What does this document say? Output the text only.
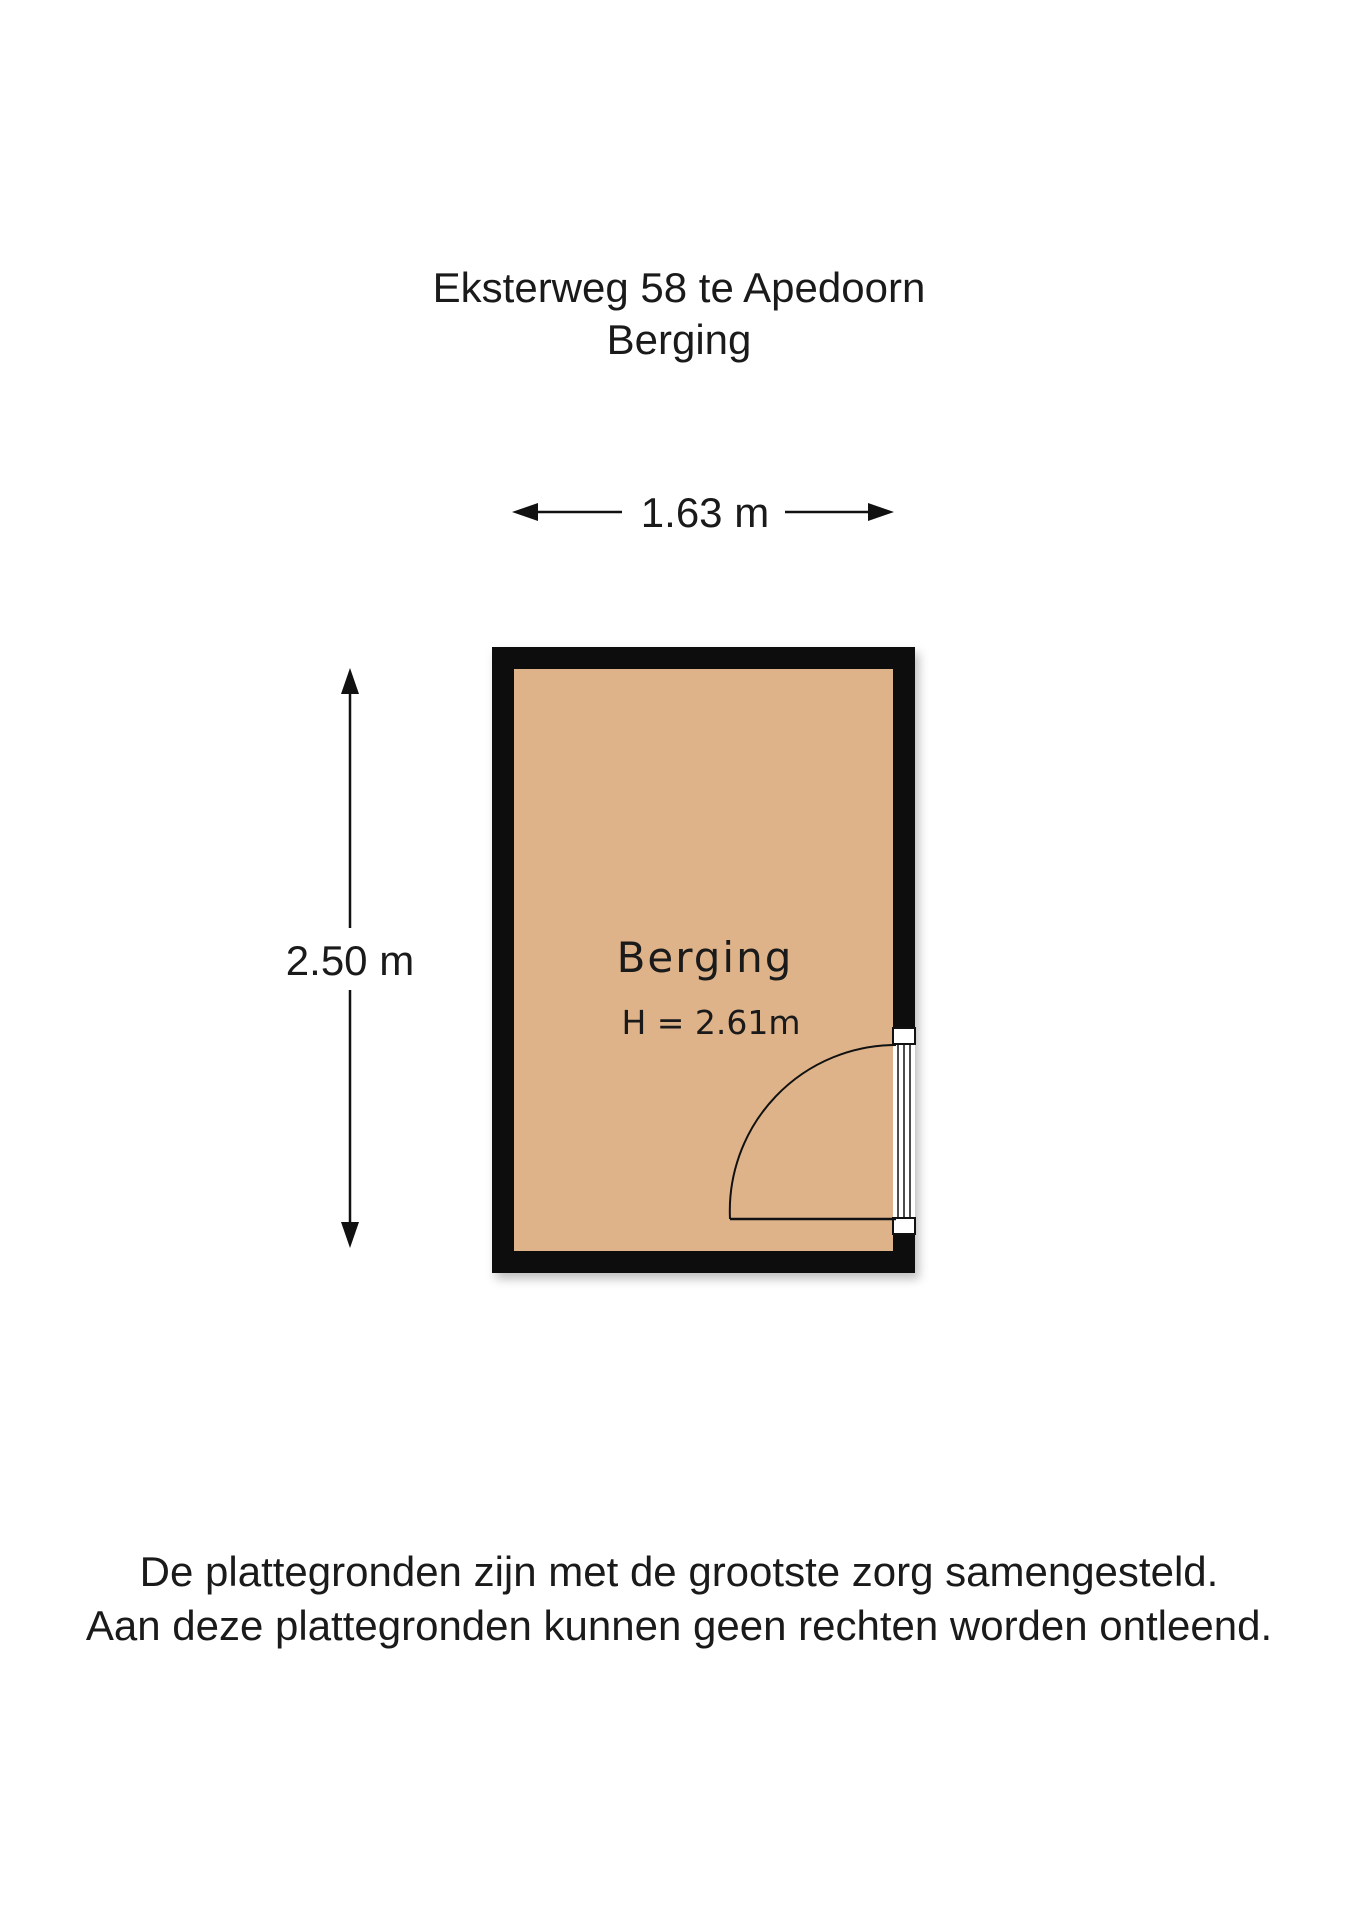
Eksterweg 58 te Apedoorn
Berging
1.63 m
2.50 m	Berging
H = 2.61m
De plattegronden zijn met de grootste zorg samengesteld.
Aan deze plattegronden kunnen geen rechten worden ontleend.
